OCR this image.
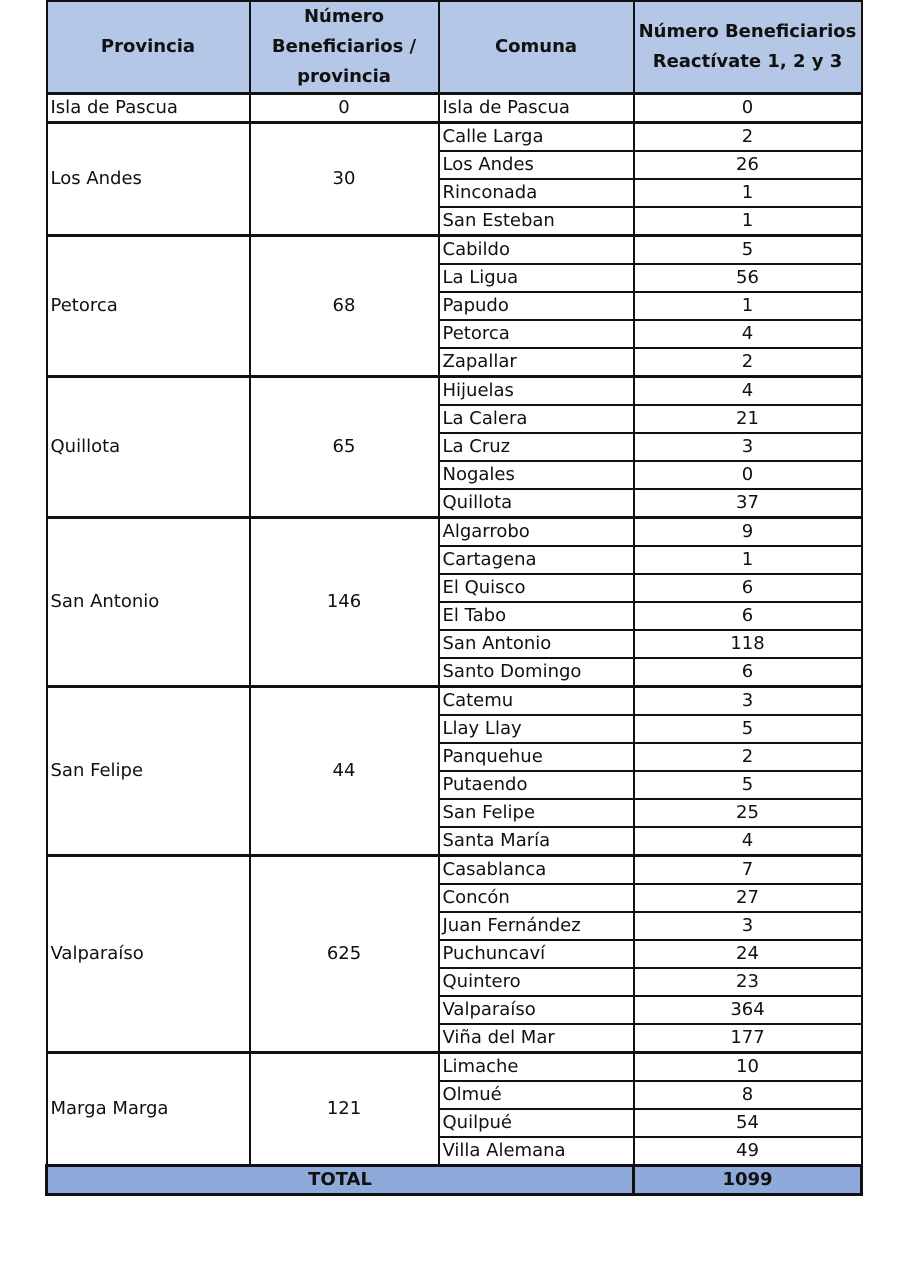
Provincia	Número Beneficiarios / provincia	Comuna	Número Beneficiarios Reactívate 1, 2 y 3
Isla de Pascua	0	Isla de Pascua	0
Los Andes	30	Calle Larga	2
		Los Andes	26
		Rinconada	1
		San Esteban	1
Petorca	68	Cabildo	5
		La Ligua	56
		Papudo	1
		Petorca	4
		Zapallar	2
Quillota	65	Hijuelas	4
		La Calera	21
		La Cruz	3
		Nogales	0
		Quillota	37
San Antonio	146	Algarrobo	9
		Cartagena	1
		El Quisco	6
		El Tabo	6
		San Antonio	118
		Santo Domingo	6
San Felipe	44	Catemu	3
		Llay Llay	5
		Panquehue	2
		Putaendo	5
		San Felipe	25
		Santa María	4
Valparaíso	625	Casablanca	7
		Concón	27
		Juan Fernández	3
		Puchuncaví	24
		Quintero	23
		Valparaíso	364
		Viña del Mar	177
Marga Marga	121	Limache	10
		Olmué	8
		Quilpué	54
		Villa Alemana	49
TOTAL			1099
